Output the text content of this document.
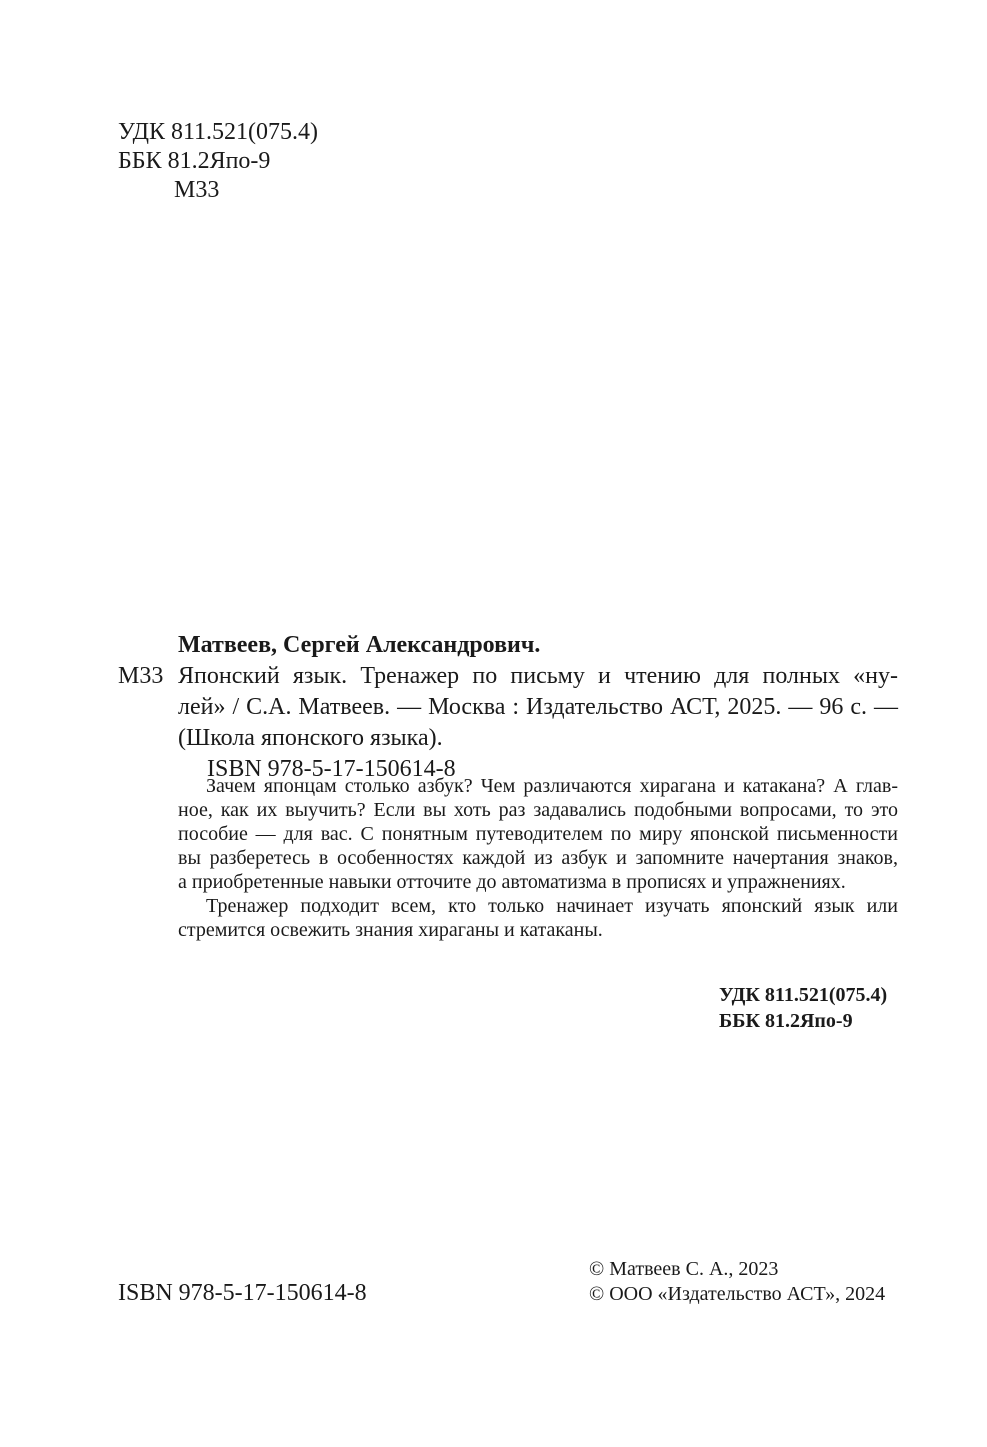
УДК 811.521(075.4)
ББК 81.2Япо-9
М33
Матвеев, Сергей Александрович.
М33 Японский язык. Тренажер по письму и чтению для полных «ну-
лей» / С.А. Матвеев. — Москва : Издательство АСТ, 2025. — 96 с. —
(Школа японского языка).
ISBN 978-5-17-150614-8
Зачем японцам столько азбук? Чем различаются хирагана и катакана? А глав-
ное, как их выучить? Если вы хоть раз задавались подобными вопросами, то это
пособие — для вас. С понятным путеводителем по миру японской письменности
вы разберетесь в особенностях каждой из азбук и запомните начертания знаков,
а приобретенные навыки отточите до автоматизма в прописях и упражнениях.
Тренажер подходит всем, кто только начинает изучать японский язык или
стремится освежить знания хираганы и катаканы.
УДК 811.521(075.4)
ББК 81.2Япо-9
ISBN 978-5-17-150614-8
© Матвеев С. А., 2023
© ООО «Издательство АСТ», 2024
